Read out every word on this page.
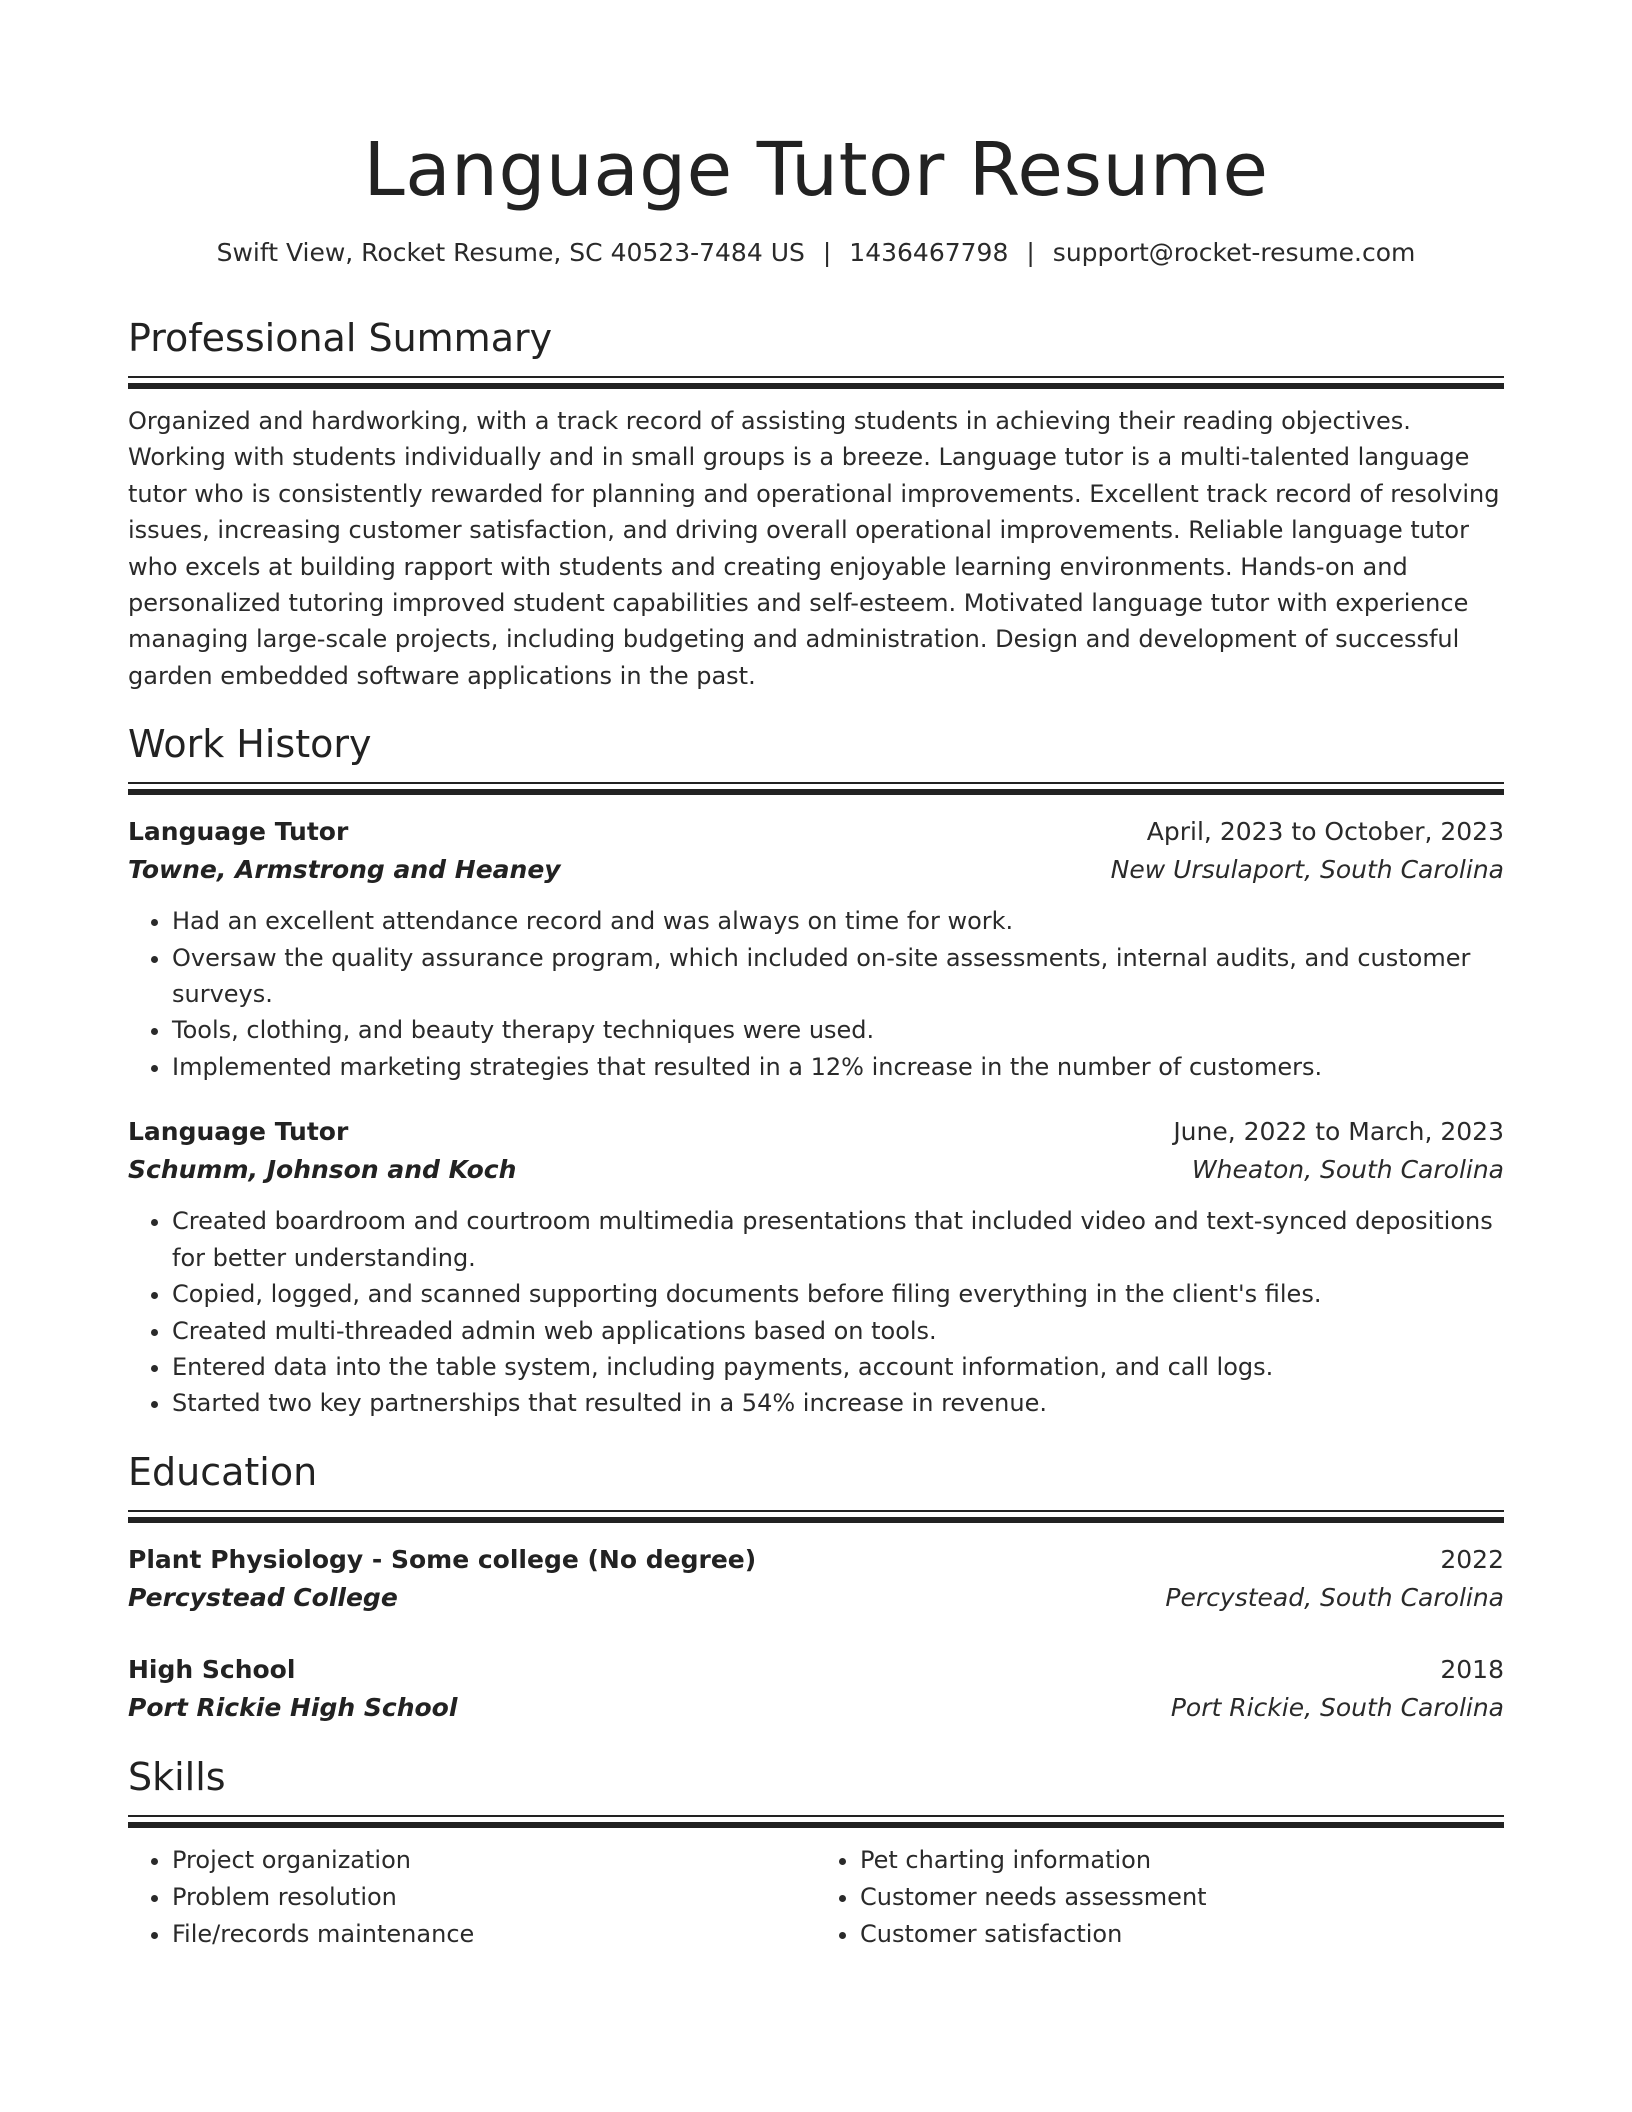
Language Tutor Resume
Swift View, Rocket Resume, SC 40523-7484 US | 1436467798 | support@rocket-resume.com
Professional Summary
Organized and hardworking, with a track record of assisting students in achieving their reading objectives. Working with students individually and in small groups is a breeze. Language tutor is a multi-talented language tutor who is consistently rewarded for planning and operational improvements. Excellent track record of resolving issues, increasing customer satisfaction, and driving overall operational improvements. Reliable language tutor who excels at building rapport with students and creating enjoyable learning environments. Hands-on and personalized tutoring improved student capabilities and self-esteem. Motivated language tutor with experience managing large-scale projects, including budgeting and administration. Design and development of successful garden embedded software applications in the past.
Work History
Language Tutor	April, 2023 to October, 2023
Towne, Armstrong and Heaney	New Ursulaport, South Carolina
• Had an excellent attendance record and was always on time for work.
• Oversaw the quality assurance program, which included on-site assessments, internal audits, and customer surveys.
• Tools, clothing, and beauty therapy techniques were used.
• Implemented marketing strategies that resulted in a 12% increase in the number of customers.
Language Tutor	June, 2022 to March, 2023
Schumm, Johnson and Koch	Wheaton, South Carolina
• Created boardroom and courtroom multimedia presentations that included video and text-synced depositions for better understanding.
• Copied, logged, and scanned supporting documents before filing everything in the client's files.
• Created multi-threaded admin web applications based on tools.
• Entered data into the table system, including payments, account information, and call logs.
• Started two key partnerships that resulted in a 54% increase in revenue.
Education
Plant Physiology - Some college (No degree)	2022
Percystead College	Percystead, South Carolina
High School	2018
Port Rickie High School	Port Rickie, South Carolina
Skills
• Project organization
• Problem resolution
• File/records maintenance
• Pet charting information
• Customer needs assessment
• Customer satisfaction
